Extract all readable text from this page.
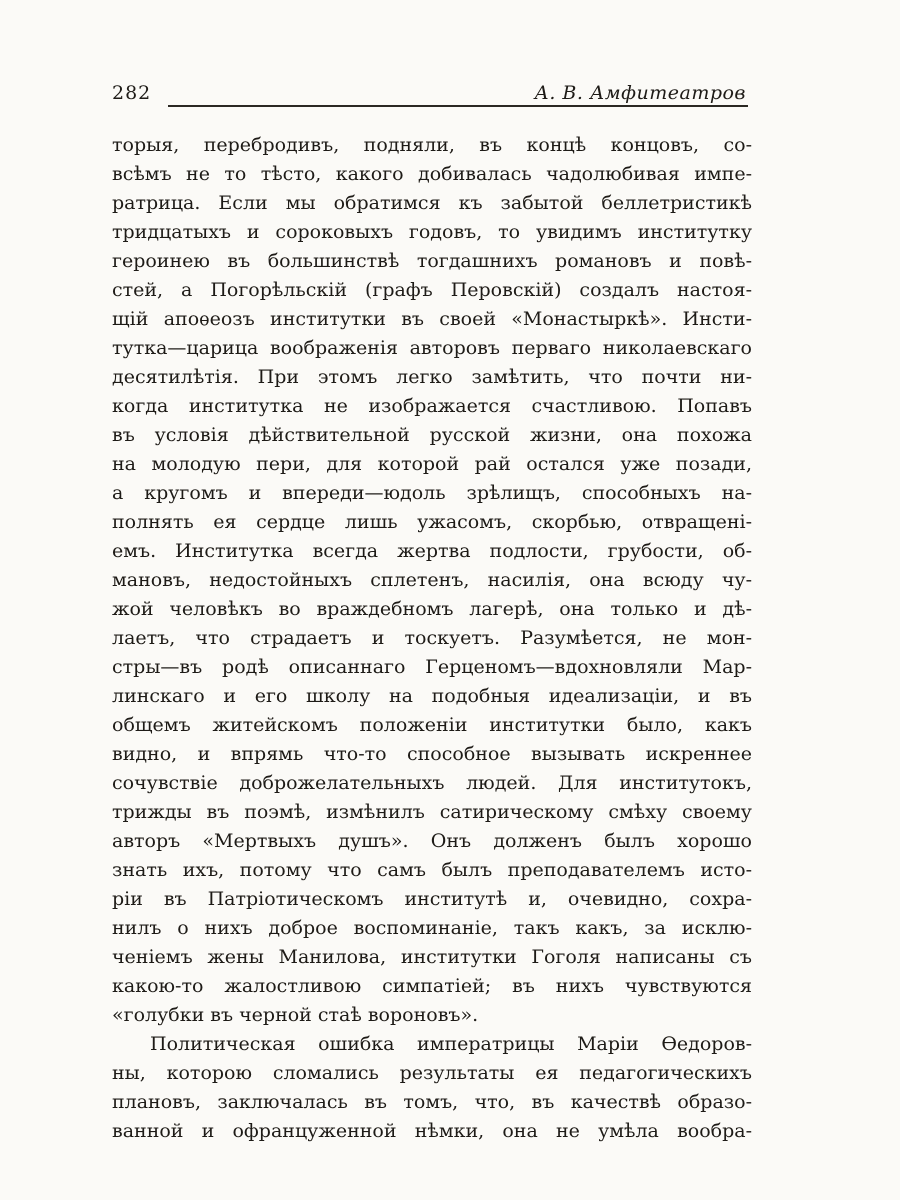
282	А. В. Амфитеатров
торыя, перебродивъ, подняли, въ концѣ концовъ, со-
всѣмъ не то тѣсто, какого добивалась чадолюбивая импе-
ратрица. Если мы обратимся къ забытой беллетристикѣ
тридцатыхъ и сороковыхъ годовъ, то увидимъ институтку
героинею въ большинствѣ тогдашнихъ романовъ и повѣ-
стей, а Погорѣльскій (графъ Перовскій) создалъ настоя-
щій апоѳеозъ институтки въ своей «Монастыркѣ». Инсти-
тутка—царица воображенія авторовъ перваго николаевскаго
десятилѣтія. При этомъ легко замѣтить, что почти ни-
когда институтка не изображается счастливою. Попавъ
въ условія дѣйствительной русской жизни, она похожа
на молодую пери, для которой рай остался уже позади,
а кругомъ и впереди—юдоль зрѣлищъ, способныхъ на-
полнять ея сердце лишь ужасомъ, скорбью, отвращені-
емъ. Институтка всегда жертва подлости, грубости, об-
мановъ, недостойныхъ сплетенъ, насилія, она всюду чу-
жой человѣкъ во враждебномъ лагерѣ, она только и дѣ-
лаетъ, что страдаетъ и тоскуетъ. Разумѣется, не мон-
стры—въ родѣ описаннаго Герценомъ—вдохновляли Мар-
линскаго и его школу на подобныя идеализаціи, и въ
общемъ житейскомъ положеніи институтки было, какъ
видно, и впрямь что-то способное вызывать искреннее
сочувствіе доброжелательныхъ людей. Для институтокъ,
трижды въ поэмѣ, измѣнилъ сатирическому смѣху своему
авторъ «Мертвыхъ душъ». Онъ долженъ былъ хорошо
знать ихъ, потому что самъ былъ преподавателемъ исто-
ріи въ Патріотическомъ институтѣ и, очевидно, сохра-
нилъ о нихъ доброе воспоминаніе, такъ какъ, за исклю-
ченіемъ жены Манилова, институтки Гоголя написаны съ
какою-то жалостливою симпатіей; въ нихъ чувствуются
«голубки въ черной стаѣ вороновъ».
Политическая ошибка императрицы Маріи Ѳедоров-
ны, которою сломались результаты ея педагогическихъ
плановъ, заключалась въ томъ, что, въ качествѣ образо-
ванной и офранцуженной нѣмки, она не умѣла вообра-
